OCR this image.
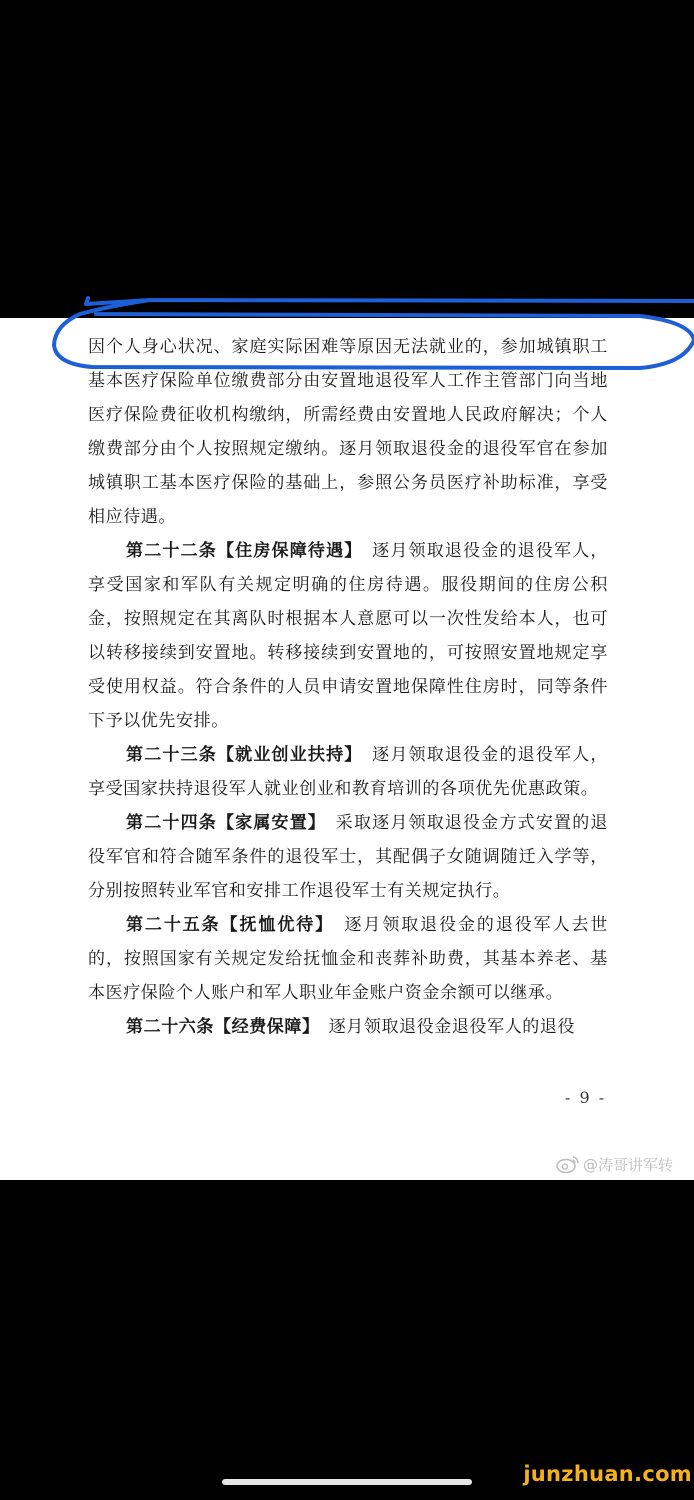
因个人身心状况、家庭实际困难等原因无法就业的，参加城镇职工基本医疗保险单位缴费部分由安置地退役军人工作主管部门向当地医疗保险费征收机构缴纳，所需经费由安置地人民政府解决；个人缴费部分由个人按照规定缴纳。逐月领取退役金的退役军官在参加城镇职工基本医疗保险的基础上，参照公务员医疗补助标准，享受相应待遇。

第二十二条【住房保障待遇】　逐月领取退役金的退役军人，享受国家和军队有关规定明确的住房待遇。服役期间的住房公积金，按照规定在其离队时根据本人意愿可以一次性发给本人，也可以转移接续到安置地。转移接续到安置地的，可按照安置地规定享受使用权益。符合条件的人员申请安置地保障性住房时，同等条件下予以优先安排。

第二十三条【就业创业扶持】　逐月领取退役金的退役军人，享受国家扶持退役军人就业创业和教育培训的各项优先优惠政策。

第二十四条【家属安置】　采取逐月领取退役金方式安置的退役军官和符合随军条件的退役军士，其配偶子女随调随迁入学等，分别按照转业军官和安排工作退役军士有关规定执行。

第二十五条【抚恤优待】　逐月领取退役金的退役军人去世的，按照国家有关规定发给抚恤金和丧葬补助费，其基本养老、基本医疗保险个人账户和军人职业年金账户资金余额可以继承。

第二十六条【经费保障】　逐月领取退役金退役军人的退役

- 9 -
@涛哥讲军转
junzhuan.com
